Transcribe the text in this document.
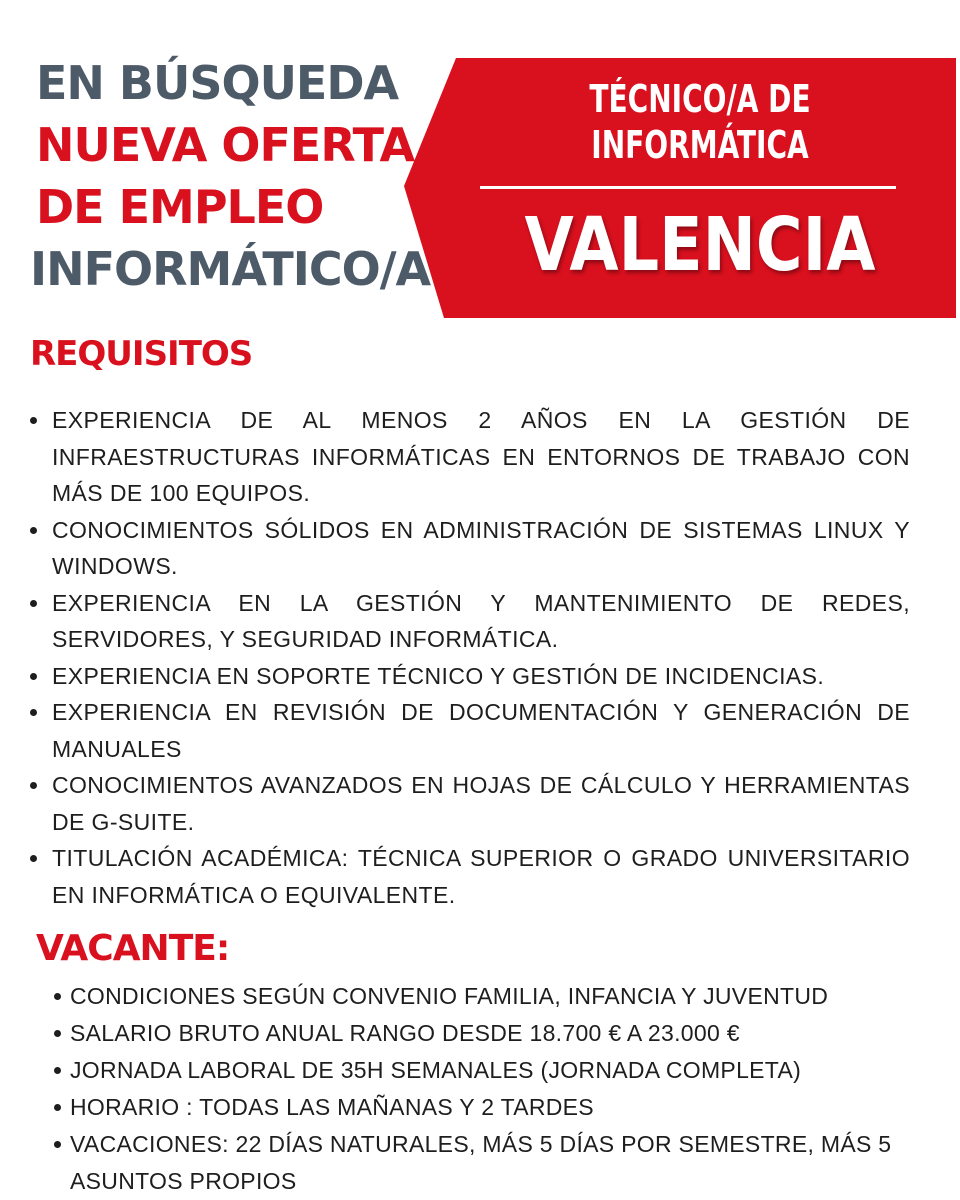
EN BÚSQUEDA
NUEVA OFERTA
DE EMPLEO
INFORMÁTICO/A
TÉCNICO/A DE
INFORMÁTICA
VALENCIA
REQUISITOS
EXPERIENCIA DE AL MENOS 2 AÑOS EN LA GESTIÓN DE INFRAESTRUCTURAS INFORMÁTICAS EN ENTORNOS DE TRABAJO CON MÁS DE 100 EQUIPOS.
CONOCIMIENTOS SÓLIDOS EN ADMINISTRACIÓN DE SISTEMAS LINUX Y WINDOWS.
EXPERIENCIA EN LA GESTIÓN Y MANTENIMIENTO DE REDES, SERVIDORES, Y SEGURIDAD INFORMÁTICA.
EXPERIENCIA EN SOPORTE TÉCNICO Y GESTIÓN DE INCIDENCIAS.
EXPERIENCIA EN REVISIÓN DE DOCUMENTACIÓN Y GENERACIÓN DE MANUALES
CONOCIMIENTOS AVANZADOS EN HOJAS DE CÁLCULO Y HERRAMIENTAS DE G-SUITE.
TITULACIÓN ACADÉMICA: TÉCNICA SUPERIOR O GRADO UNIVERSITARIO EN INFORMÁTICA O EQUIVALENTE.
VACANTE:
CONDICIONES SEGÚN CONVENIO FAMILIA, INFANCIA Y JUVENTUD
SALARIO BRUTO ANUAL RANGO DESDE 18.700 € A 23.000 €
JORNADA LABORAL DE 35H SEMANALES (JORNADA COMPLETA)
HORARIO : TODAS LAS MAÑANAS Y 2 TARDES
VACACIONES: 22 DÍAS NATURALES, MÁS 5 DÍAS POR SEMESTRE, MÁS 5 ASUNTOS PROPIOS
